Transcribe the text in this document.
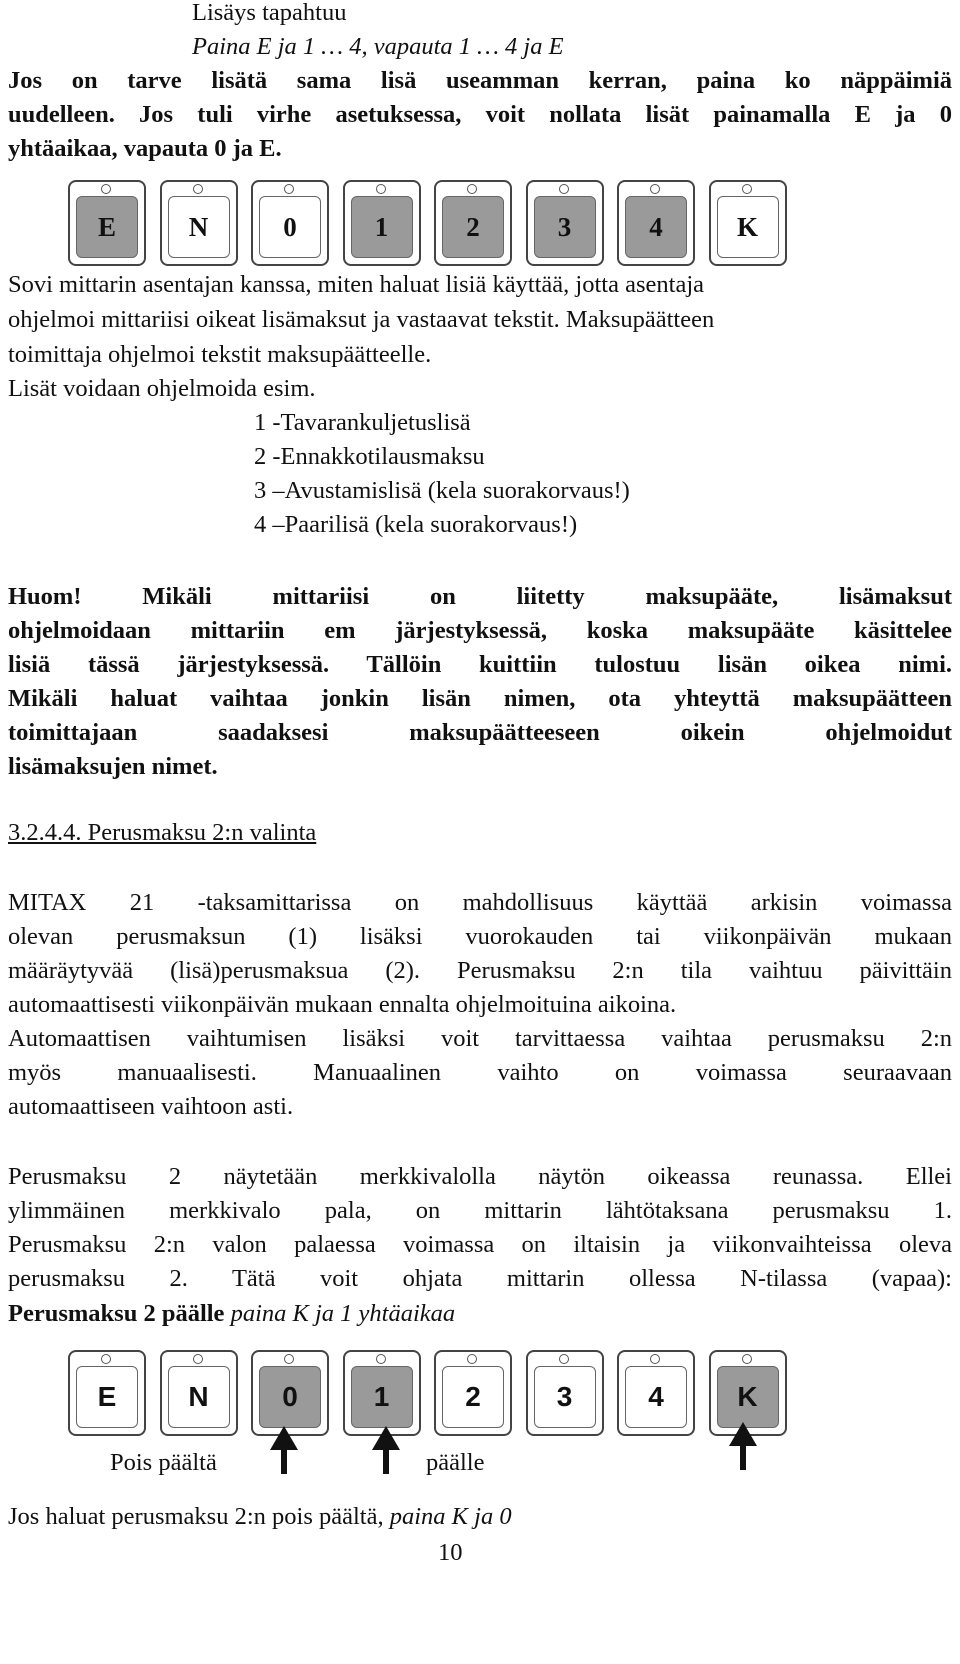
Lisäys tapahtuu
Paina E ja 1 … 4, vapauta 1 … 4 ja E
Jos on tarve lisätä sama lisä useamman kerran, paina ko näppäimiä
uudelleen. Jos tuli virhe asetuksessa, voit nollata lisät painamalla E ja 0
yhtäaikaa, vapauta 0 ja E.
E	N	0	1	2	3	4	K
Sovi mittarin asentajan kanssa, miten haluat lisiä käyttää, jotta asentaja
ohjelmoi mittariisi oikeat lisämaksut ja vastaavat tekstit. Maksupäätteen
toimittaja ohjelmoi tekstit maksupäätteelle.
Lisät voidaan ohjelmoida esim.
1 -Tavarankuljetuslisä
2 -Ennakkotilausmaksu
3 –Avustamislisä (kela suorakorvaus!)
4 –Paarilisä (kela suorakorvaus!)
Huom! Mikäli mittariisi on liitetty maksupääte, lisämaksut
ohjelmoidaan mittariin em järjestyksessä, koska maksupääte käsittelee
lisiä tässä järjestyksessä. Tällöin kuittiin tulostuu lisän oikea nimi.
Mikäli haluat vaihtaa jonkin lisän nimen, ota yhteyttä maksupäätteen
toimittajaan saadaksesi maksupäätteeseen oikein ohjelmoidut
lisämaksujen nimet.
3.2.4.4. Perusmaksu 2:n valinta
MITAX 21 -taksamittarissa on mahdollisuus käyttää arkisin voimassa
olevan perusmaksun (1) lisäksi vuorokauden tai viikonpäivän mukaan
määräytyvää (lisä)perusmaksua (2). Perusmaksu 2:n tila vaihtuu päivittäin
automaattisesti viikonpäivän mukaan ennalta ohjelmoituina aikoina.
Automaattisen vaihtumisen lisäksi voit tarvittaessa vaihtaa perusmaksu 2:n
myös manuaalisesti. Manuaalinen vaihto on voimassa seuraavaan
automaattiseen vaihtoon asti.
Perusmaksu 2 näytetään merkkivalolla näytön oikeassa reunassa. Ellei
ylimmäinen merkkivalo pala, on mittarin lähtötaksana perusmaksu 1.
Perusmaksu 2:n valon palaessa voimassa on iltaisin ja viikonvaihteissa oleva
perusmaksu 2. Tätä voit ohjata mittarin ollessa N-tilassa (vapaa):
Perusmaksu 2 päälle paina K ja 1 yhtäaikaa
E	N	0	1	2	3	4	K
Pois päältä	päälle
Jos haluat perusmaksu 2:n pois päältä, paina K ja 0
10
